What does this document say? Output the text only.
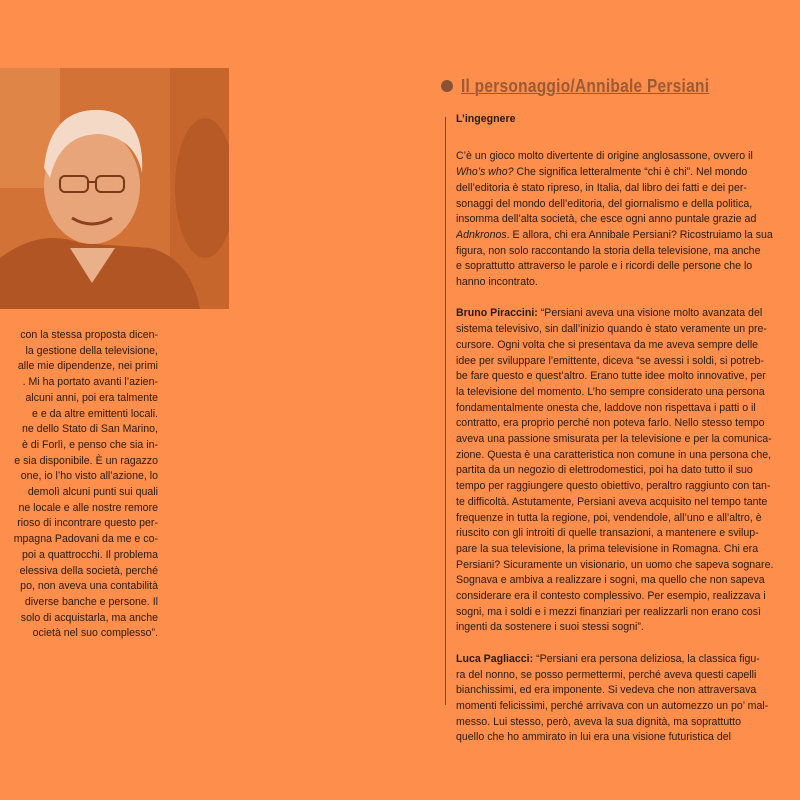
con la stessa proposta dicen-
la gestione della televisione,
alle mie dipendenze, nei primi
. Mi ha portato avanti l’azien-
alcuni anni, poi era talmente
e e da altre emittenti locali.
ne dello Stato di San Marino,
è di Forlì, e penso che sia in-
e sia disponibile. È un ragazzo
one, io l’ho visto all’azione, lo
demolì alcuni punti sui quali
ne locale e alle nostre remore
rioso di incontrare questo per-
mpagna Padovani da me e co-
poi a quattrocchi. Il problema
elessiva della società, perché
po, non aveva una contabilità
diverse banche e persone. Il
solo di acquistarla, ma anche
ocietà nel suo complesso”.
Il personaggio/Annibale Persiani
L’ingegnere
C’è un gioco molto divertente di origine anglosassone, ovvero il
Who’s who? Che significa letteralmente “chi è chi”. Nel mondo
dell’editoria è stato ripreso, in Italia, dal libro dei fatti e dei per-
sonaggi del mondo dell’editoria, del giornalismo e della politica,
insomma dell’alta società, che esce ogni anno puntale grazie ad
Adnkronos. E allora, chi era Annibale Persiani? Ricostruiamo la sua
figura, non solo raccontando la storia della televisione, ma anche
e soprattutto attraverso le parole e i ricordi delle persone che lo
hanno incontrato.
Bruno Piraccini: “Persiani aveva una visione molto avanzata del
sistema televisivo, sin dall’inizio quando è stato veramente un pre-
cursore. Ogni volta che si presentava da me aveva sempre delle
idee per sviluppare l’emittente, diceva “se avessi i soldi, si potreb-
be fare questo e quest’altro. Erano tutte idee molto innovative, per
la televisione del momento. L’ho sempre considerato una persona
fondamentalmente onesta che, laddove non rispettava i patti o il
contratto, era proprio perché non poteva farlo. Nello stesso tempo
aveva una passione smisurata per la televisione e per la comunica-
zione. Questa è una caratteristica non comune in una persona che,
partita da un negozio di elettrodomestici, poi ha dato tutto il suo
tempo per raggiungere questo obiettivo, peraltro raggiunto con tan-
te difficoltà. Astutamente, Persiani aveva acquisito nel tempo tante
frequenze in tutta la regione, poi, vendendole, all’uno e all’altro, è
riuscito con gli introiti di quelle transazioni, a mantenere e svilup-
pare la sua televisione, la prima televisione in Romagna. Chi era
Persiani? Sicuramente un visionario, un uomo che sapeva sognare.
Sognava e ambiva a realizzare i sogni, ma quello che non sapeva
considerare era il contesto complessivo. Per esempio, realizzava i
sogni, ma i soldi e i mezzi finanziari per realizzarli non erano così
ingenti da sostenere i suoi stessi sogni”.
Luca Pagliacci: “Persiani era persona deliziosa, la classica figu-
ra del nonno, se posso permettermi, perché aveva questi capelli
bianchissimi, ed era imponente. Si vedeva che non attraversava
momenti felicissimi, perché arrivava con un automezzo un po’ mal-
messo. Lui stesso, però, aveva la sua dignità, ma soprattutto
quello che ho ammirato in lui era una visione futuristica del
